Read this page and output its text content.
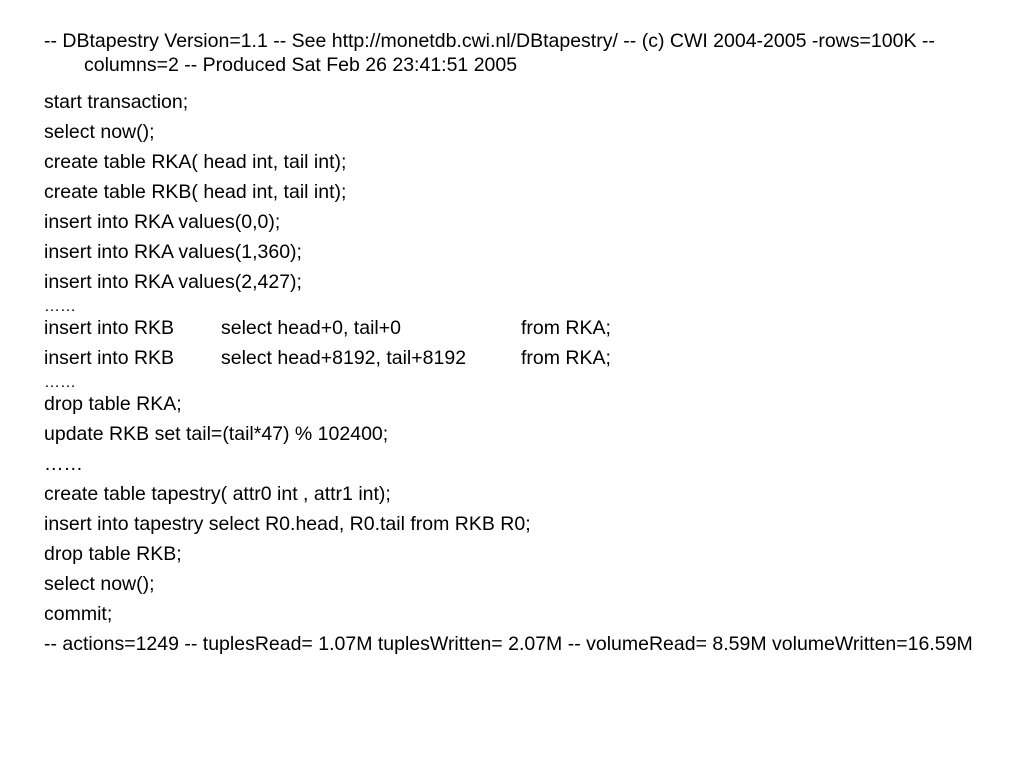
-- DBtapestry Version=1.1 -- See http://monetdb.cwi.nl/DBtapestry/ -- (c) CWI 2004-2005 -rows=100K --columns=2 -- Produced Sat Feb 26 23:41:51 2005
start transaction;
select now();
create table RKA( head int, tail int);
create table RKB( head int, tail int);
insert into RKA values(0,0);
insert into RKA values(1,360);
insert into RKA values(2,427);
……
insert into RKB	select head+0, tail+0	from RKA;
insert into RKB	select head+8192, tail+8192	from RKA;
……
drop table RKA;
update RKB set tail=(tail*47) % 102400;
……
create table tapestry( attr0 int , attr1 int);
insert into tapestry select R0.head, R0.tail from RKB R0;
drop table RKB;
select now();
commit;
-- actions=1249 -- tuplesRead= 1.07M tuplesWritten= 2.07M -- volumeRead= 8.59M volumeWritten=16.59M
